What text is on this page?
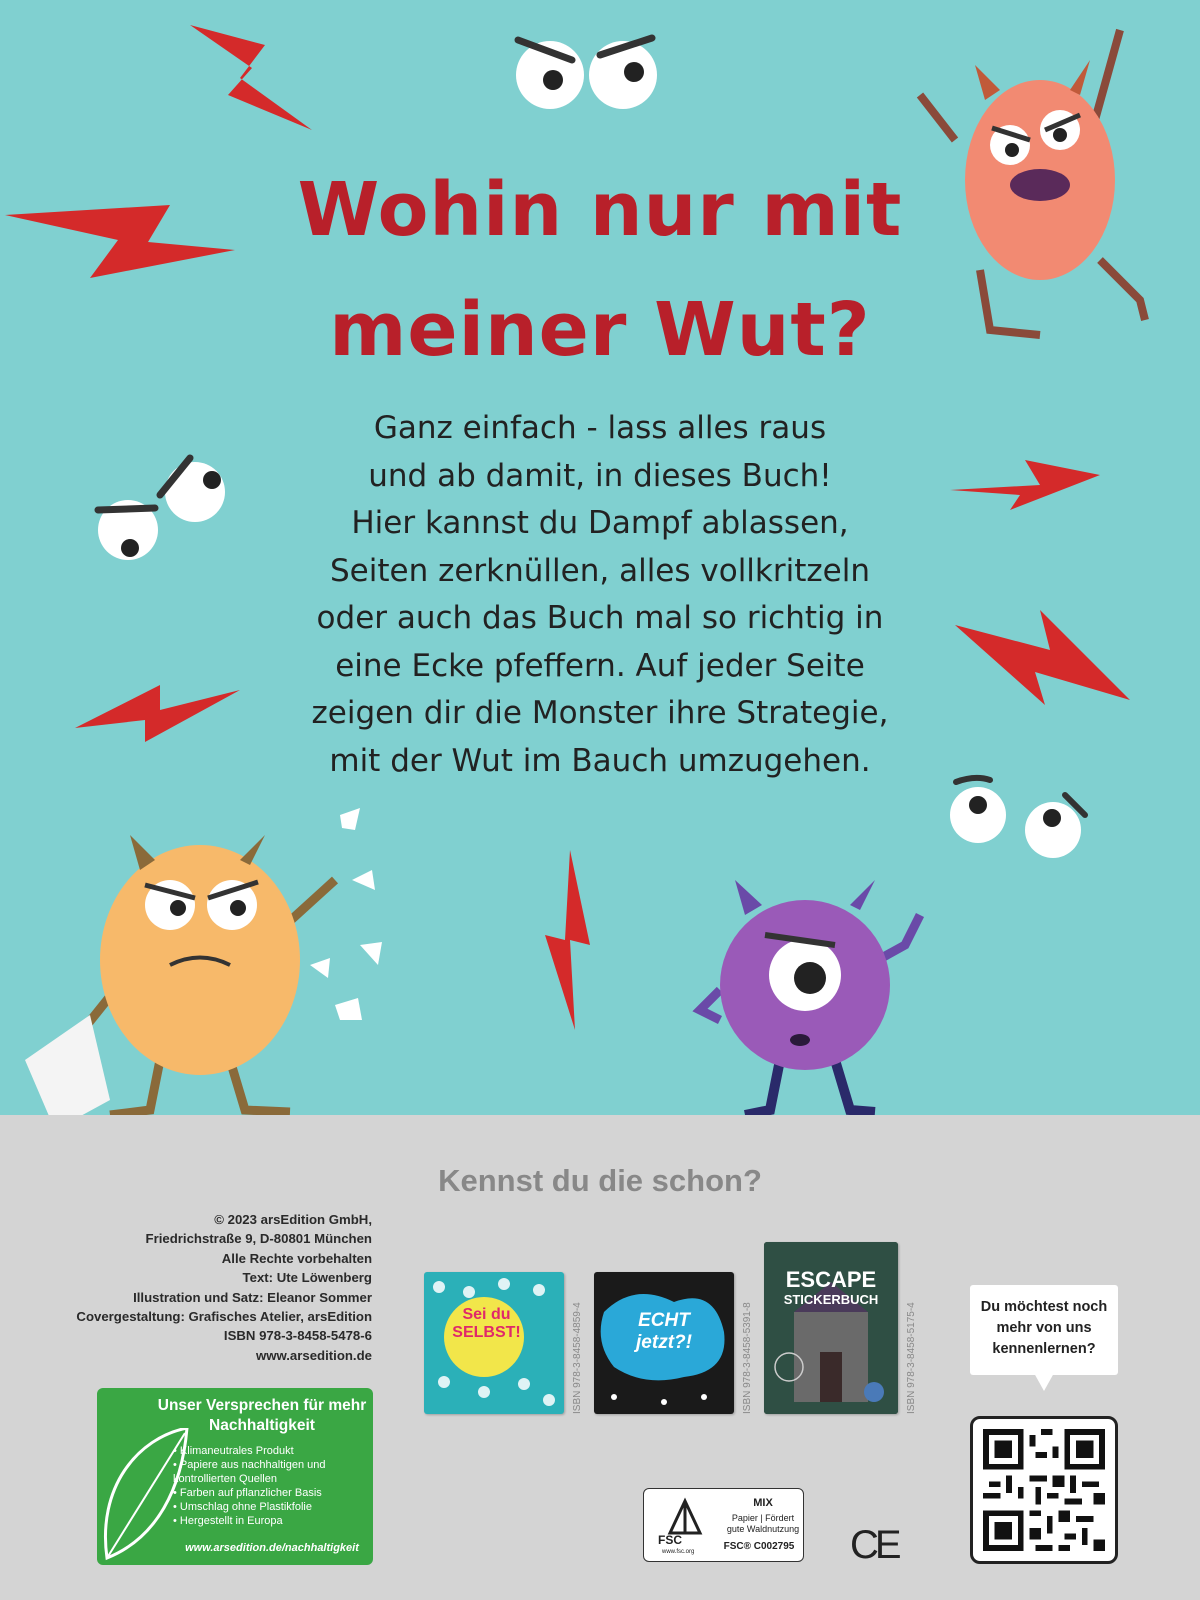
Wohin nur mit
meiner Wut?
Ganz einfach - lass alles raus
und ab damit, in dieses Buch!
Hier kannst du Dampf ablassen,
Seiten zerknüllen, alles vollkritzeln
oder auch das Buch mal so richtig in
eine Ecke pfeffern. Auf jeder Seite
zeigen dir die Monster ihre Strategie,
mit der Wut im Bauch umzugehen.
Kennst du die schon?
© 2023 arsEdition GmbH,
Friedrichstraße 9, D-80801 München
Alle Rechte vorbehalten
Text: Ute Löwenberg
Illustration und Satz: Eleanor Sommer
Covergestaltung: Grafisches Atelier, arsEdition
ISBN 978-3-8458-5478-6
www.arsedition.de
Unser Versprechen für mehr Nachhaltigkeit
• Klimaneutrales Produkt
• Papiere aus nachhaltigen und kontrollierten Quellen
• Farben auf pflanzlicher Basis
• Umschlag ohne Plastikfolie
• Hergestellt in Europa
www.arsedition.de/nachhaltigkeit
Sei du
SELBST!	ISBN 978-3-8458-4859-4	ECHT
jetzt?!	ISBN 978-3-8458-5391-8
ESCAPE
STICKERBUCH
ISBN 978-3-8458-5175-4
FSC
www.fsc.org
MIX
Papier | Fördert gute Waldnutzung
FSC® C002795 CE
Du möchtest noch mehr von uns kennenlernen?
